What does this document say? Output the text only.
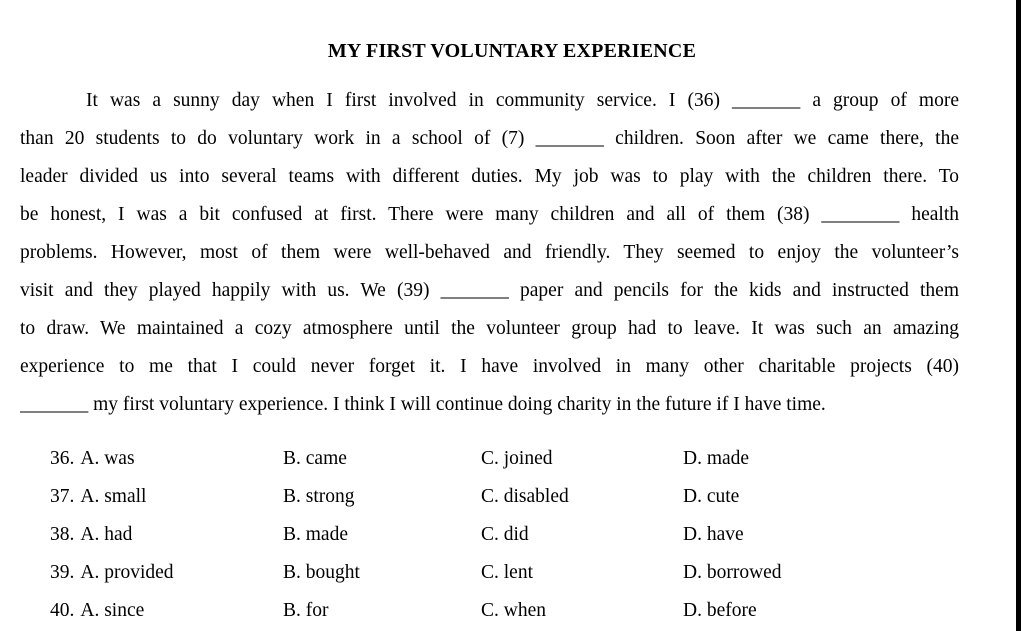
MY FIRST VOLUNTARY EXPERIENCE
It was a sunny day when I first involved in community service. I (36) _______ a group of more
than 20 students to do voluntary work in a school of (7) _______ children. Soon after we came there, the
leader divided us into several teams with different duties. My job was to play with the children there. To
be honest, I was a bit confused at first. There were many children and all of them (38) ________ health
problems. However, most of them were well-behaved and friendly. They seemed to enjoy the volunteer’s
visit and they played happily with us. We (39) _______ paper and pencils for the kids and instructed them
to draw. We maintained a cozy atmosphere until the volunteer group had to leave. It was such an amazing
experience to me that I could never forget it. I have involved in many other charitable projects (40)
_______ my first voluntary experience. I think I will continue doing charity in the future if I have time.
36. A. was	B. came	C. joined	D. made
37. A. small	B. strong	C. disabled	D. cute
38. A. had	B. made	C. did	D. have
39. A. provided	B. bought	C. lent	D. borrowed
40. A. since	B. for	C. when	D. before
